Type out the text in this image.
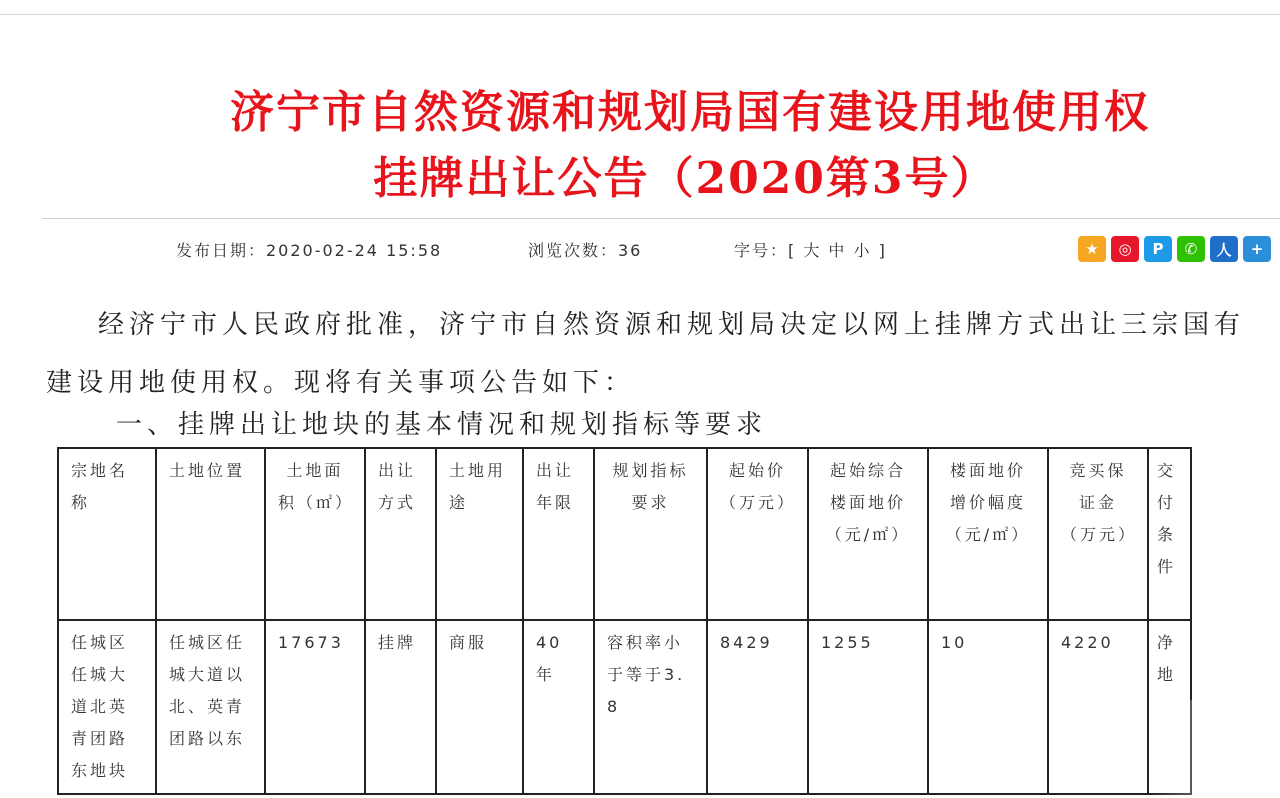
济宁市自然资源和规划局国有建设用地使用权
挂牌出让公告（2020第3号）
发布日期：2020-02-24 15:58	浏览次数：36	字号：[ 大 中 小 ]	★	◎	P	✆	人	+
经济宁市人民政府批准，济宁市自然资源和规划局决定以网上挂牌方式出让三宗国有建设用地使用权。现将有关事项公告如下：
一、挂牌出让地块的基本情况和规划指标等要求
宗地名称	土地位置	土地面积（㎡）	出让方式	土地用途	出让年限	规划指标要求	起始价（万元）	起始综合楼面地价（元/㎡）	楼面地价增价幅度（元/㎡）	竞买保证金（万元）	交付条件
任城区任城大道北英青团路东地块	任城区任城大道以北、英青团路以东	17673	挂牌	商服	40年	容积率小于等于3.8	8429	1255	10	4220	净地
